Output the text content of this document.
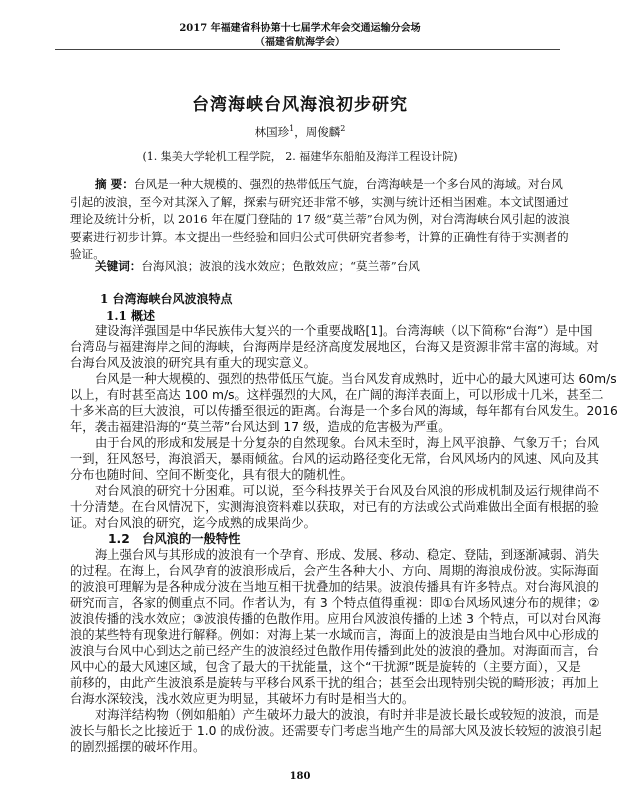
2017 年福建省科协第十七届学术年会交通运输分会场
（福建省航海学会）
台湾海峡台风海浪初步研究
林国珍$^1$，周俊麟$^2$
(1. 集美大学轮机工程学院， 2. 福建华东船舶及海洋工程设计院)
摘 要：台风是一种大规模的、强烈的热带低压气旋，台湾海峡是一个多台风的海域。对台风
引起的波浪，至今对其深入了解，探索与研究还非常不够，实测与统计还相当困难。本文试图通过
理论及统计分析，以 2016 年在厦门登陆的 17 级“莫兰蒂”台风为例，对台湾海峡台风引起的波浪
要素进行初步计算。本文提出一些经验和回归公式可供研究者参考，计算的正确性有待于实测者的
验证。
关键词：台海风浪；波浪的浅水效应；色散效应；“莫兰蒂”台风
1 台湾海峡台风波浪特点
1.1 概述
建设海洋强国是中华民族伟大复兴的一个重要战略[1]。台湾海峡（以下简称“台海”）是中国
台湾岛与福建海岸之间的海峡，台海两岸是经济高度发展地区，台海又是资源非常丰富的海域。对
台海台风及波浪的研究具有重大的现实意义。
台风是一种大规模的、强烈的热带低压气旋。当台风发育成熟时，近中心的最大风速可达 60m/s
以上，有时甚至高达 100 m/s。这样强烈的大风，在广阔的海洋表面上，可以形成十几米，甚至二
十多米高的巨大波浪，可以传播至很远的距离。台海是一个多台风的海域，每年都有台风发生。2016
年，袭击福建沿海的“莫兰蒂”台风达到 17 级，造成的危害极为严重。
由于台风的形成和发展是十分复杂的自然现象。台风未至时，海上风平浪静、气象万千；台风
一到，狂风怒号，海浪滔天，暴雨倾盆。台风的运动路径变化无常，台风风场内的风速、风向及其
分布也随时间、空间不断变化，具有很大的随机性。
对台风浪的研究十分困难。可以说，至今科技界关于台风及台风浪的形成机制及运行规律尚不
十分清楚。在台风情况下，实测海浪资料难以获取，对已有的方法或公式尚难做出全面有根据的验
证。对台风浪的研究，迄今成熟的成果尚少。
1.2　台风浪的一般特性
海上强台风与其形成的波浪有一个孕育、形成、发展、移动、稳定、登陆，到逐渐减弱、消失
的过程。在海上，台风孕育的波浪形成后，会产生各种大小、方向、周期的海浪成份波。实际海面
的波浪可理解为是各种成分波在当地互相干扰叠加的结果。波浪传播具有许多特点。对台海风浪的
研究而言，各家的侧重点不同。作者认为，有 3 个特点值得重视：即①台风场风速分布的规律；②
波浪传播的浅水效应；③波浪传播的色散作用。应用台风波浪传播的上述 3 个特点，可以对台风海
浪的某些特有现象进行解释。例如：对海上某一水域而言，海面上的波浪是由当地台风中心形成的
波浪与台风中心到达之前已经产生的波浪经过色散作用传播到此处的波浪的叠加。对海面而言，台
风中心的最大风速区域，包含了最大的干扰能量，这个“干扰源”既是旋转的（主要方面），又是
前移的，由此产生波浪系是旋转与平移台风系干扰的组合；甚至会出现特别尖锐的畸形波；再加上
台海水深较浅，浅水效应更为明显，其破坏力有时是相当大的。
对海洋结构物（例如船舶）产生破坏力最大的波浪，有时并非是波长最长或较短的波浪，而是
波长与船长之比接近于 1.0 的成份波。还需要专门考虑当地产生的局部大风及波长较短的波浪引起
的剧烈摇摆的破坏作用。
180
